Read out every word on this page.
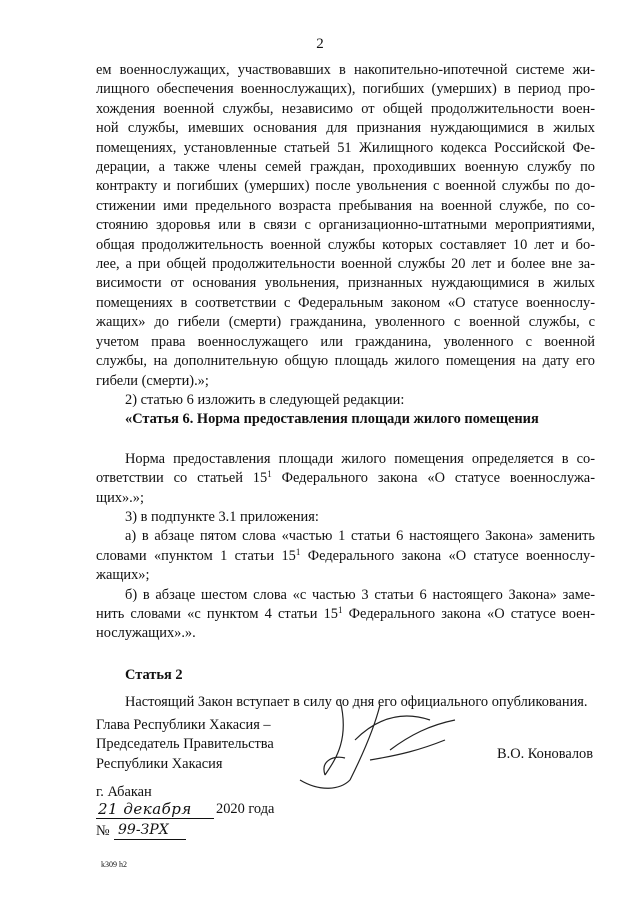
2
ем военнослужащих, участвовавших в накопительно-ипотечной системе жи-
лищного обеспечения военнослужащих), погибших (умерших) в период про-
хождения военной службы, независимо от общей продолжительности воен-
ной службы, имевших основания для признания нуждающимися в жилых
помещениях, установленные статьей 51 Жилищного кодекса Российской Фе-
дерации, а также члены семей граждан, проходивших военную службу по
контракту и погибших (умерших) после увольнения с военной службы по до-
стижении ими предельного возраста пребывания на военной службе, по со-
стоянию здоровья или в связи с организационно-штатными мероприятиями,
общая продолжительность военной службы которых составляет 10 лет и бо-
лее, а при общей продолжительности военной службы 20 лет и более вне за-
висимости от основания увольнения, признанных нуждающимися в жилых
помещениях в соответствии с Федеральным законом «О статусе военнослу-
жащих» до гибели (смерти) гражданина, уволенного с военной службы, с
учетом права военнослужащего или гражданина, уволенного с военной
службы, на дополнительную общую площадь жилого помещения на дату его
гибели (смерти).»;
2) статью 6 изложить в следующей редакции:
«Статья 6. Норма предоставления площади жилого помещения
Норма предоставления площади жилого помещения определяется в со-
ответствии со статьей $15^1$ Федерального закона «О статусе военнослужа-
щих».»;
3) в подпункте 3.1 приложения:
а) в абзаце пятом слова «частью 1 статьи 6 настоящего Закона» заменить
словами «пунктом 1 статьи $15^1$ Федерального закона «О статусе военнослу-
жащих»;
б) в абзаце шестом слова «с частью 3 статьи 6 настоящего Закона» заме-
нить словами «с пунктом 4 статьи $15^1$ Федерального закона «О статусе воен-
нослужащих».».
Статья 2
Настоящий Закон вступает в силу со дня его официального опубликования.
Глава Республики Хакасия –
Председатель Правительства
Республики Хакасия
В.О. Коновалов
г. Абакан
21 декабря 2020 года
№ 99-ЗРХ
k309 h2
